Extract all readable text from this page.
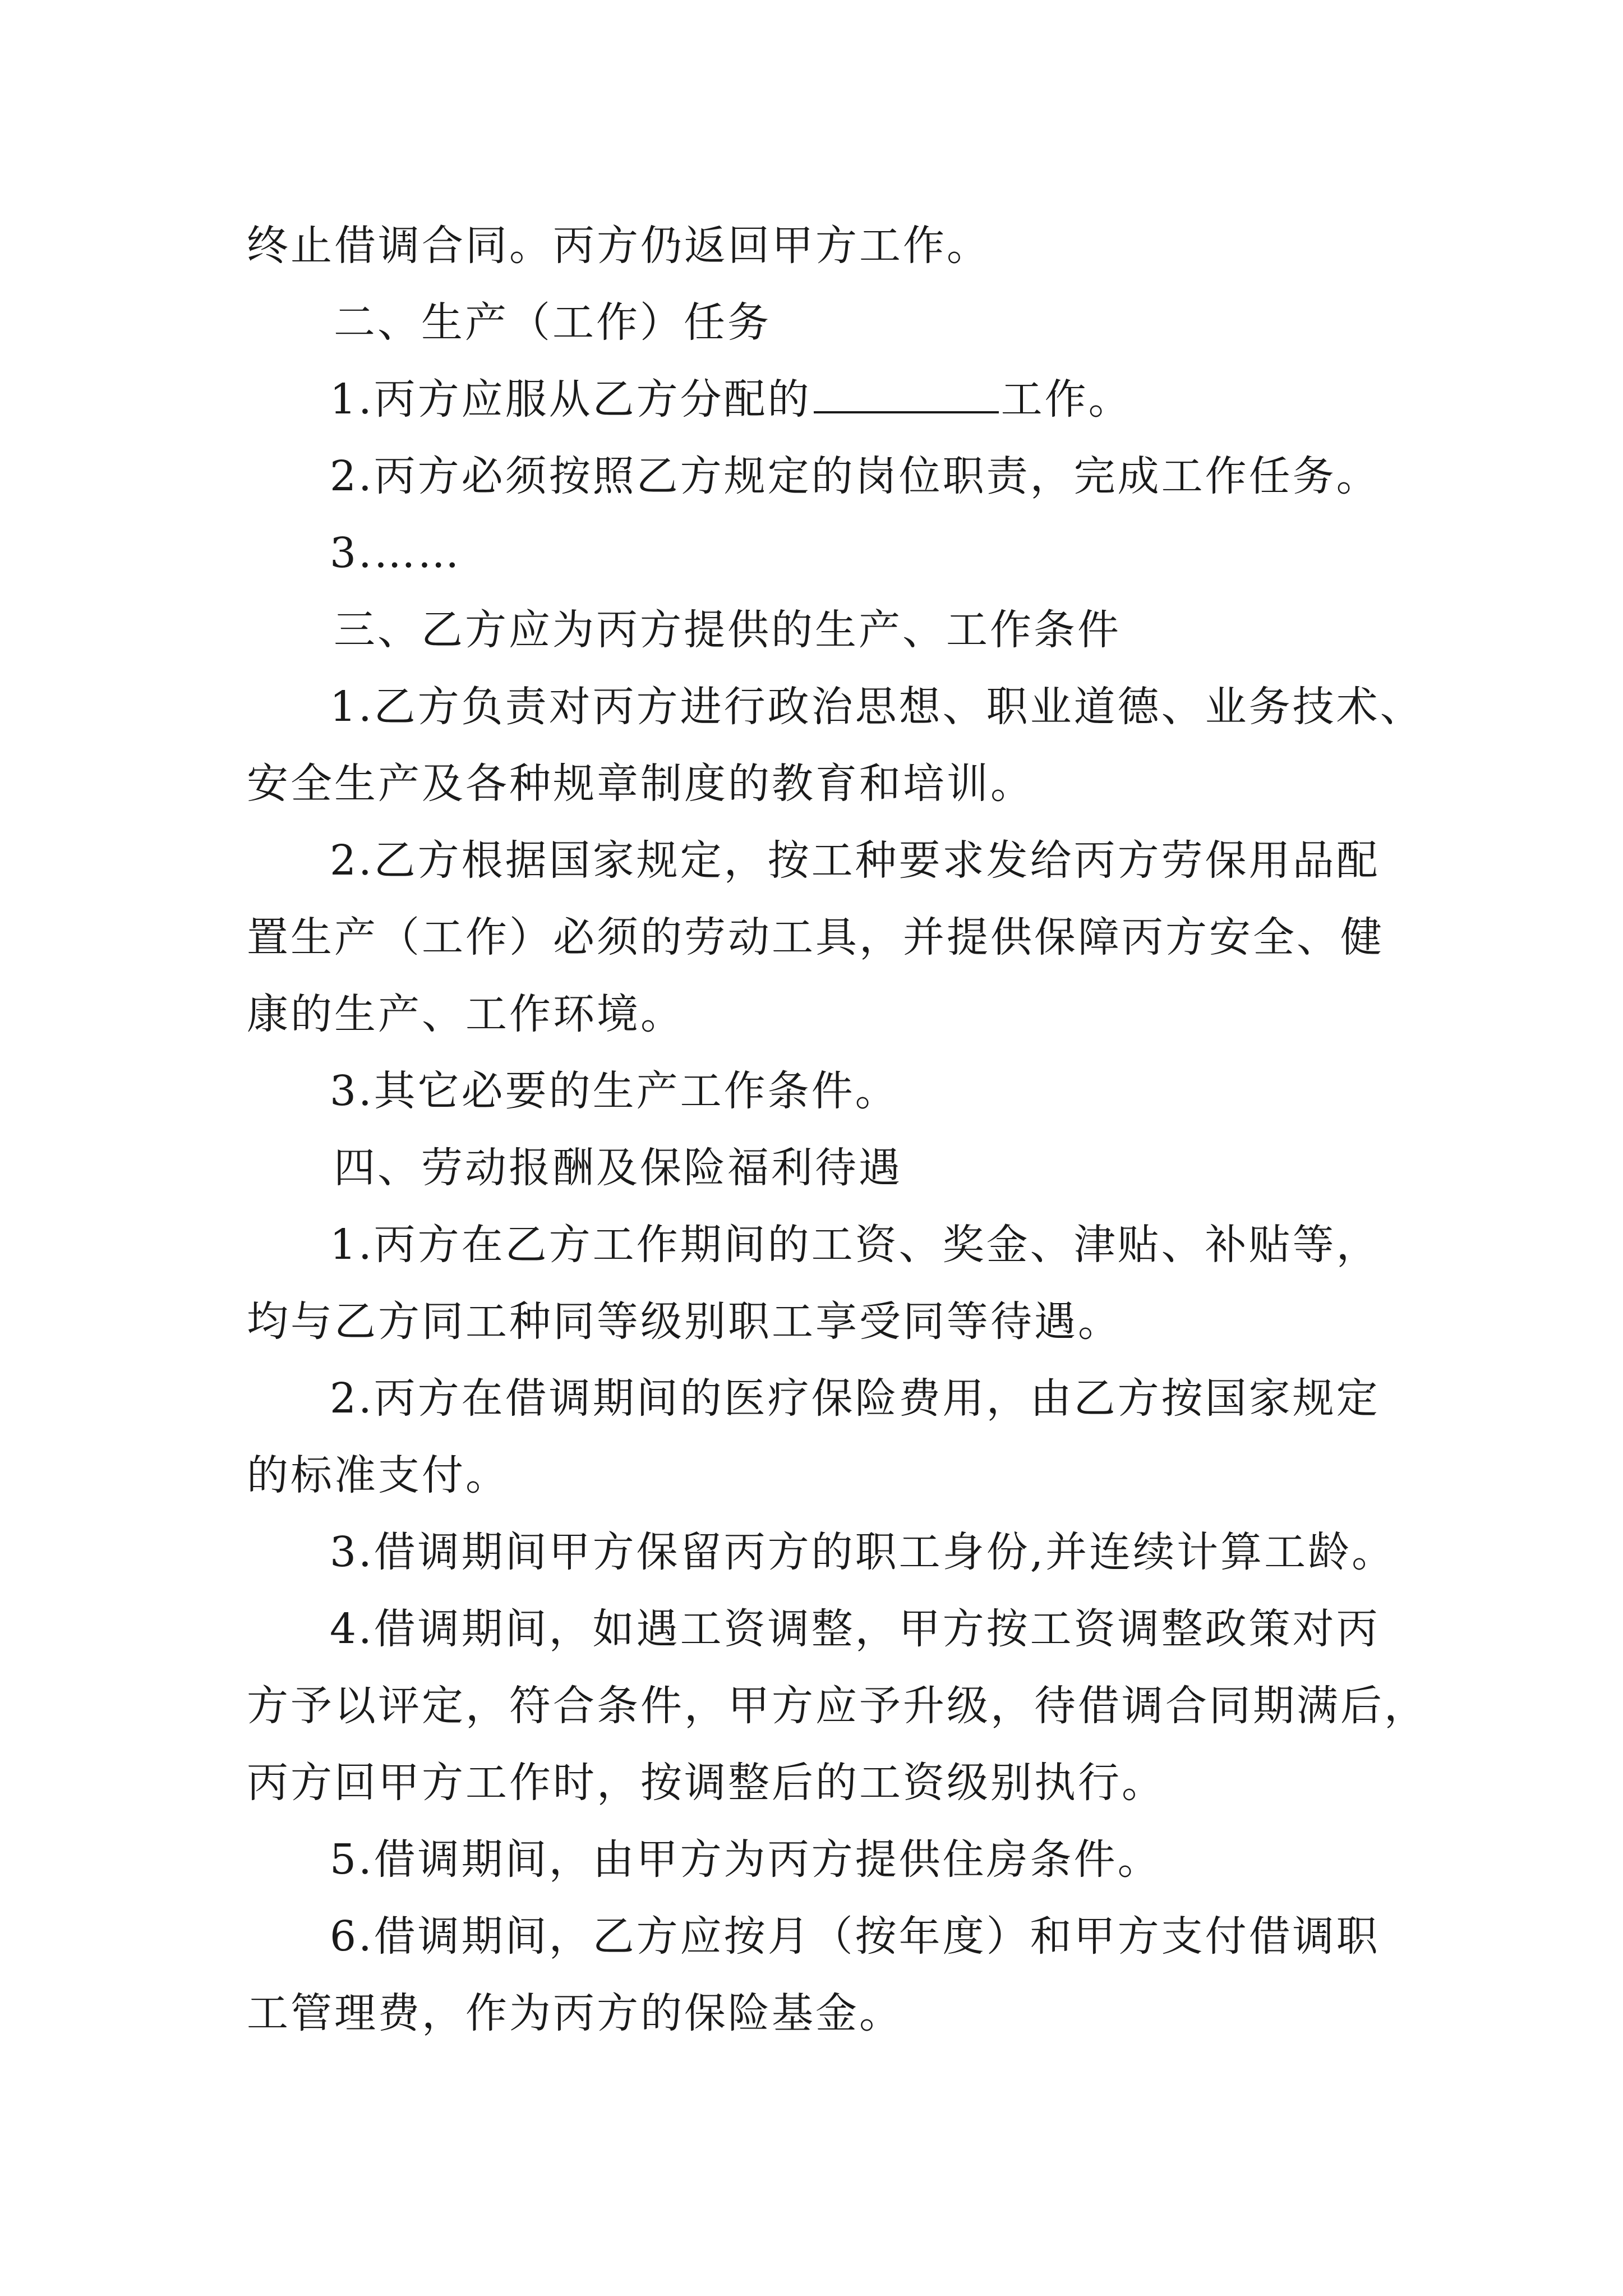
终止借调合同。丙方仍返回甲方工作。
二、生产（工作）任务
1.丙方应服从乙方分配的	工作。
2.丙方必须按照乙方规定的岗位职责，完成工作任务。
3.……
三、乙方应为丙方提供的生产、工作条件
1.乙方负责对丙方进行政治思想、职业道德、业务技术、
安全生产及各种规章制度的教育和培训。
2.乙方根据国家规定，按工种要求发给丙方劳保用品配
置生产（工作）必须的劳动工具，并提供保障丙方安全、健
康的生产、工作环境。
3.其它必要的生产工作条件。
四、劳动报酬及保险福利待遇
1.丙方在乙方工作期间的工资、奖金、津贴、补贴等，
均与乙方同工种同等级别职工享受同等待遇。
2.丙方在借调期间的医疗保险费用，由乙方按国家规定
的标准支付。
3.借调期间甲方保留丙方的职工身份,并连续计算工龄。
4.借调期间，如遇工资调整，甲方按工资调整政策对丙
方予以评定，符合条件，甲方应予升级，待借调合同期满后，
丙方回甲方工作时，按调整后的工资级别执行。
5.借调期间，由甲方为丙方提供住房条件。
6.借调期间，乙方应按月（按年度）和甲方支付借调职
工管理费，作为丙方的保险基金。
